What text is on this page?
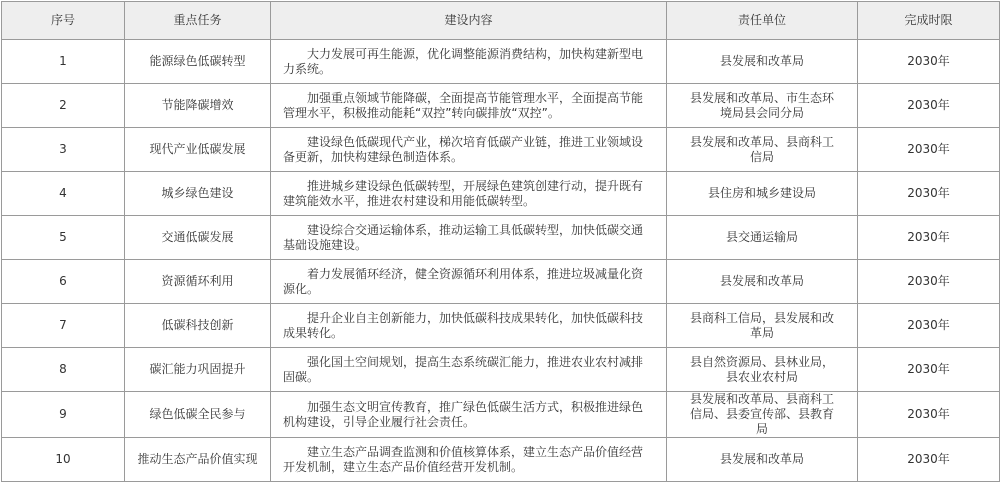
序号	重点任务	建设内容	责任单位	完成时限
1	能源绿色低碳转型	大力发展可再生能源，优化调整能源消费结构，加快构建新型电力系统。	县发展和改革局	2030年
2	节能降碳增效	加强重点领域节能降碳，全面提高节能管理水平，全面提高节能管理水平，积极推动能耗“双控”转向碳排放“双控”。	县发展和改革局、市生态环境局县会同分局	2030年
3	现代产业低碳发展	建设绿色低碳现代产业，梯次培育低碳产业链，推进工业领域设备更新，加快构建绿色制造体系。	县发展和改革局、县商科工信局	2030年
4	城乡绿色建设	推进城乡建设绿色低碳转型，开展绿色建筑创建行动，提升既有建筑能效水平，推进农村建设和用能低碳转型。	县住房和城乡建设局	2030年
5	交通低碳发展	建设综合交通运输体系，推动运输工具低碳转型，加快低碳交通基础设施建设。	县交通运输局	2030年
6	资源循环利用	着力发展循环经济，健全资源循环利用体系，推进垃圾减量化资源化。	县发展和改革局	2030年
7	低碳科技创新	提升企业自主创新能力，加快低碳科技成果转化，加快低碳科技成果转化。	县商科工信局，县发展和改革局	2030年
8	碳汇能力巩固提升	强化国土空间规划，提高生态系统碳汇能力，推进农业农村减排固碳。	县自然资源局、县林业局，县农业农村局	2030年
9	绿色低碳全民参与	加强生态文明宣传教育，推广绿色低碳生活方式，积极推进绿色机构建设，引导企业履行社会责任。	县发展和改革局、县商科工信局、县委宣传部、县教育局	2030年
10	推动生态产品价值实现	建立生态产品调查监测和价值核算体系，建立生态产品价值经营开发机制，建立生态产品价值经营开发机制。	县发展和改革局	2030年
